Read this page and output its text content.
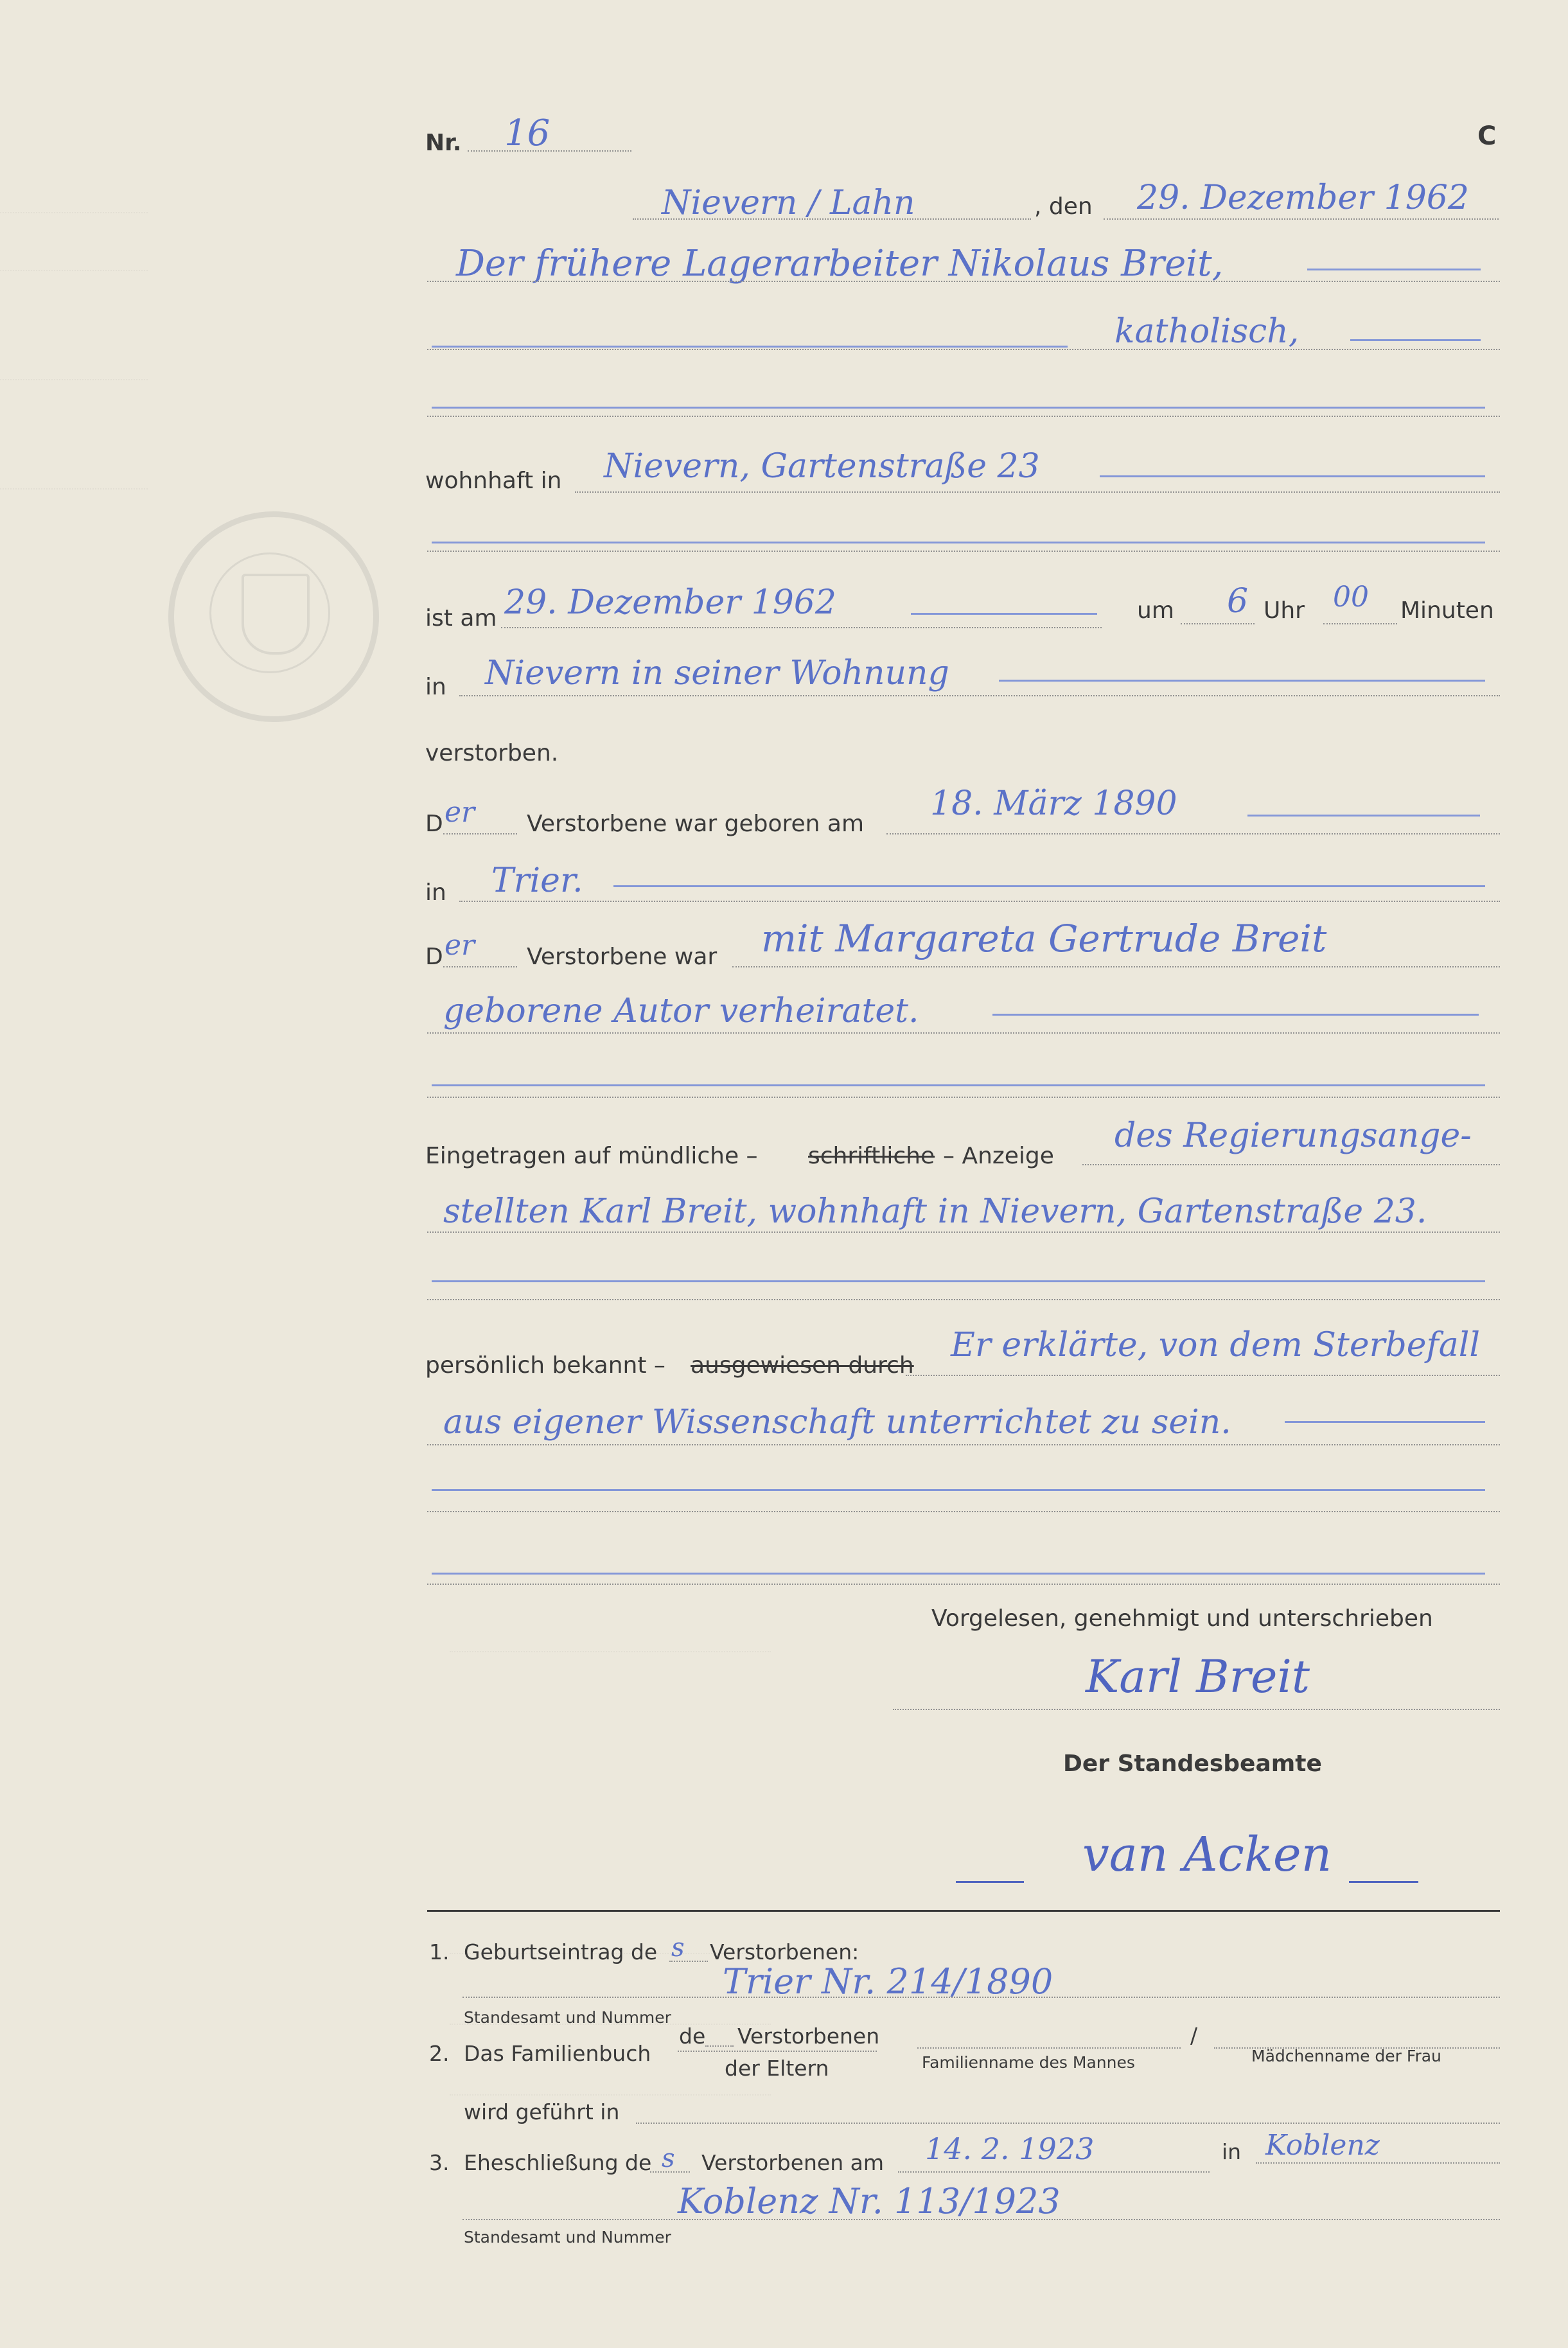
Nr. 16	C
Nievern / Lahn	, den 29. Dezember 1962
Der frühere Lagerarbeiter Nikolaus Breit,
katholisch,
wohnhaft in Nievern, Gartenstraße 23
ist am 29. Dezember 1962	um 6 Uhr 00 Minuten
in Nievern in seiner Wohnung
verstorben.
D er Verstorbene war geboren am
18. März 1890
in Trier.
D er Verstorbene war mit Margareta Gertrude Breit
geborene Autor verheiratet.
Eingetragen auf mündliche – schriftliche – Anzeige
des Regierungsange-
stellten Karl Breit, wohnhaft in Nievern, Gartenstraße 23.
persönlich bekannt – ausgewiesen durch
Er erklärte, von dem Sterbefall
aus eigener Wissenschaft unterrichtet zu sein.
Vorgelesen, genehmigt und unterschrieben
Karl Breit
Der Standesbeamte
van Acken
1. Geburtseintrag de s Verstorbenen:
Trier Nr. 214/1890
Standesamt und Nummer
2. Das Familienbuch
de Verstorbenen
der Eltern
/
Familienname des Mannes	Mädchenname der Frau
wird geführt in
3. Eheschließung de s Verstorbenen am 14. 2. 1923	in Koblenz
Koblenz Nr. 113/1923
Standesamt und Nummer
